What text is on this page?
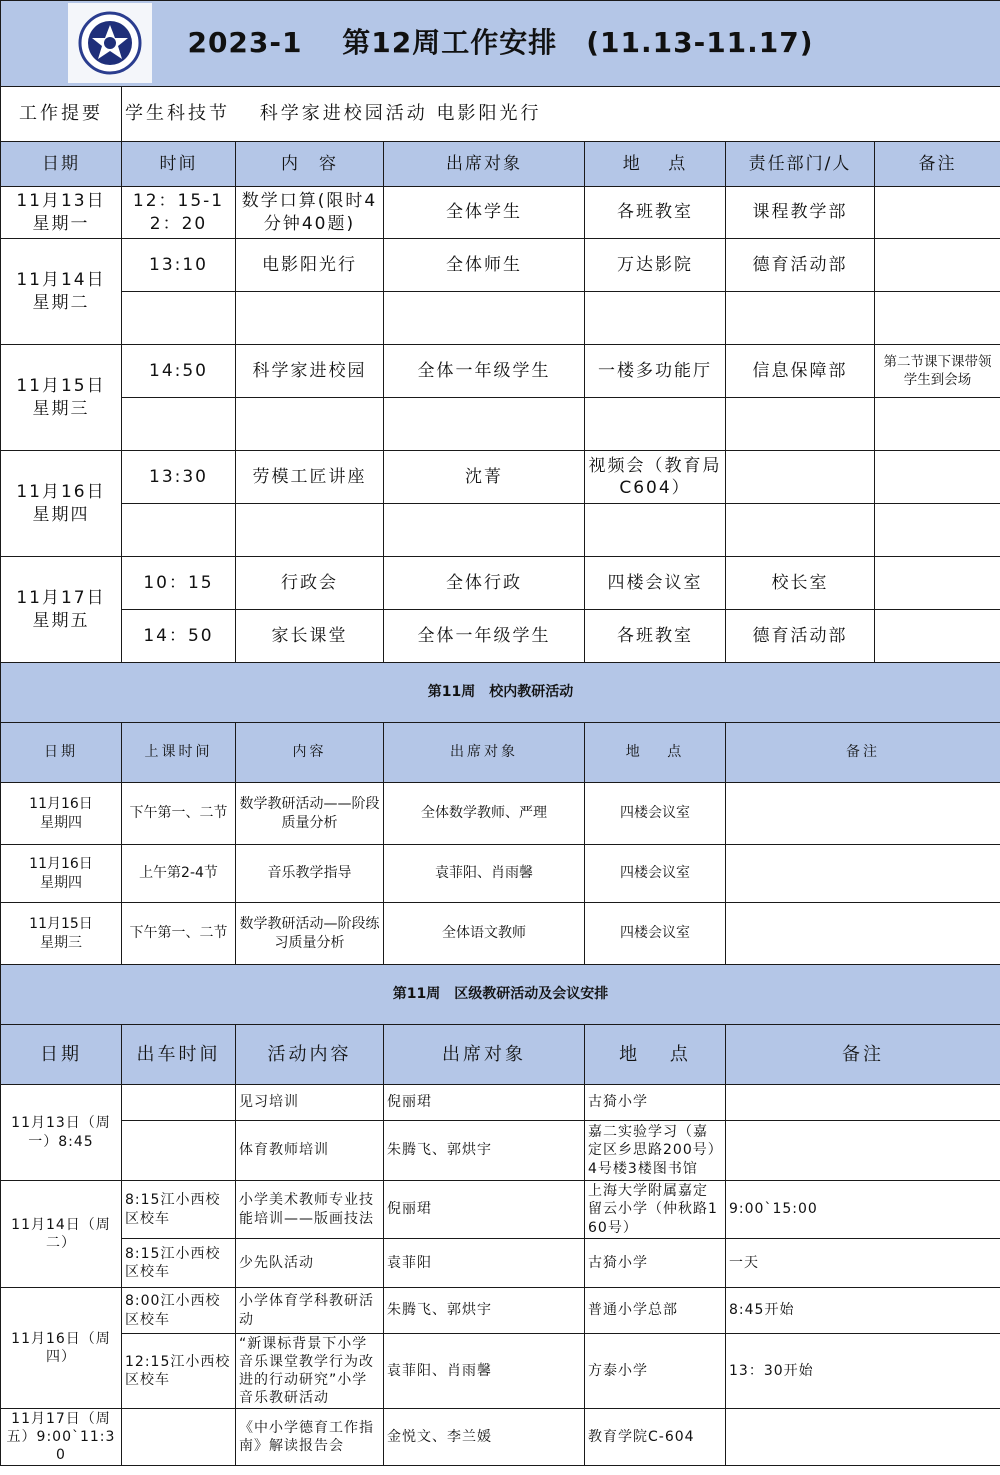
2023-1　 第12周工作安排　(11.13-11.17)						
工作提要	学生科技节　 科学家进校园活动 电影阳光行					
日期	时间	内　容	出席对象	地　 点	责任部门/人	备注
11月13日
星期一	12：15-12：20	数学口算(限时4分钟40题)	全体学生	各班教室	课程教学部	
11月14日
星期二	13:10	电影阳光行	全体师生	万达影院	德育活动部	

11月15日
星期三	14:50	科学家进校园	全体一年级学生	一楼多功能厅	信息保障部	第二节课下课带领学生到会场

11月16日
星期四	13:30	劳模工匠讲座	沈菁	视频会（教育局C604）		

11月17日
星期五	10：15	行政会	全体行政	四楼会议室	校长室	
	14：50	家长课堂	全体一年级学生	各班教室	德育活动部	
第11周　校内教研活动						
日期	上课时间	内容	出席对象	地　 点	备注	
11月16日
星期四	下午第一、二节	数学教研活动——阶段质量分析	全体数学教师、严理	四楼会议室		
11月16日
星期四	上午第2-4节	音乐教学指导	袁菲阳、肖雨馨	四楼会议室		
11月15日
星期三	下午第一、二节	数学教研活动—阶段练习质量分析	全体语文教师	四楼会议室		
第11周　区级教研活动及会议安排						
日期	出车时间	活动内容	出席对象	地　 点	备注	
11月13日（周一）8:45		见习培训	倪丽珺	古猗小学		
		体育教师培训	朱腾飞、郭烘宇	嘉二实验学习（嘉定区乡思路200号）4号楼3楼图书馆		
11月14日（周二）	8:15江小西校区校车	小学美术教师专业技能培训——版画技法	倪丽珺	上海大学附属嘉定留云小学（仲秋路160号）	9:00`15:00	
	8:15江小西校区校车	少先队活动	袁菲阳	古猗小学	一天	
11月16日（周四）	8:00江小西校区校车	小学体育学科教研活动	朱腾飞、郭烘宇	普通小学总部	8:45开始	
	12:15江小西校区校车	“新课标背景下小学音乐课堂教学行为改进的行动研究”小学音乐教研活动	袁菲阳、肖雨馨	方泰小学	13：30开始	
11月17日（周五）9:00`11:30		《中小学德育工作指南》解读报告会	金悦文、李兰媛	教育学院C-604		
